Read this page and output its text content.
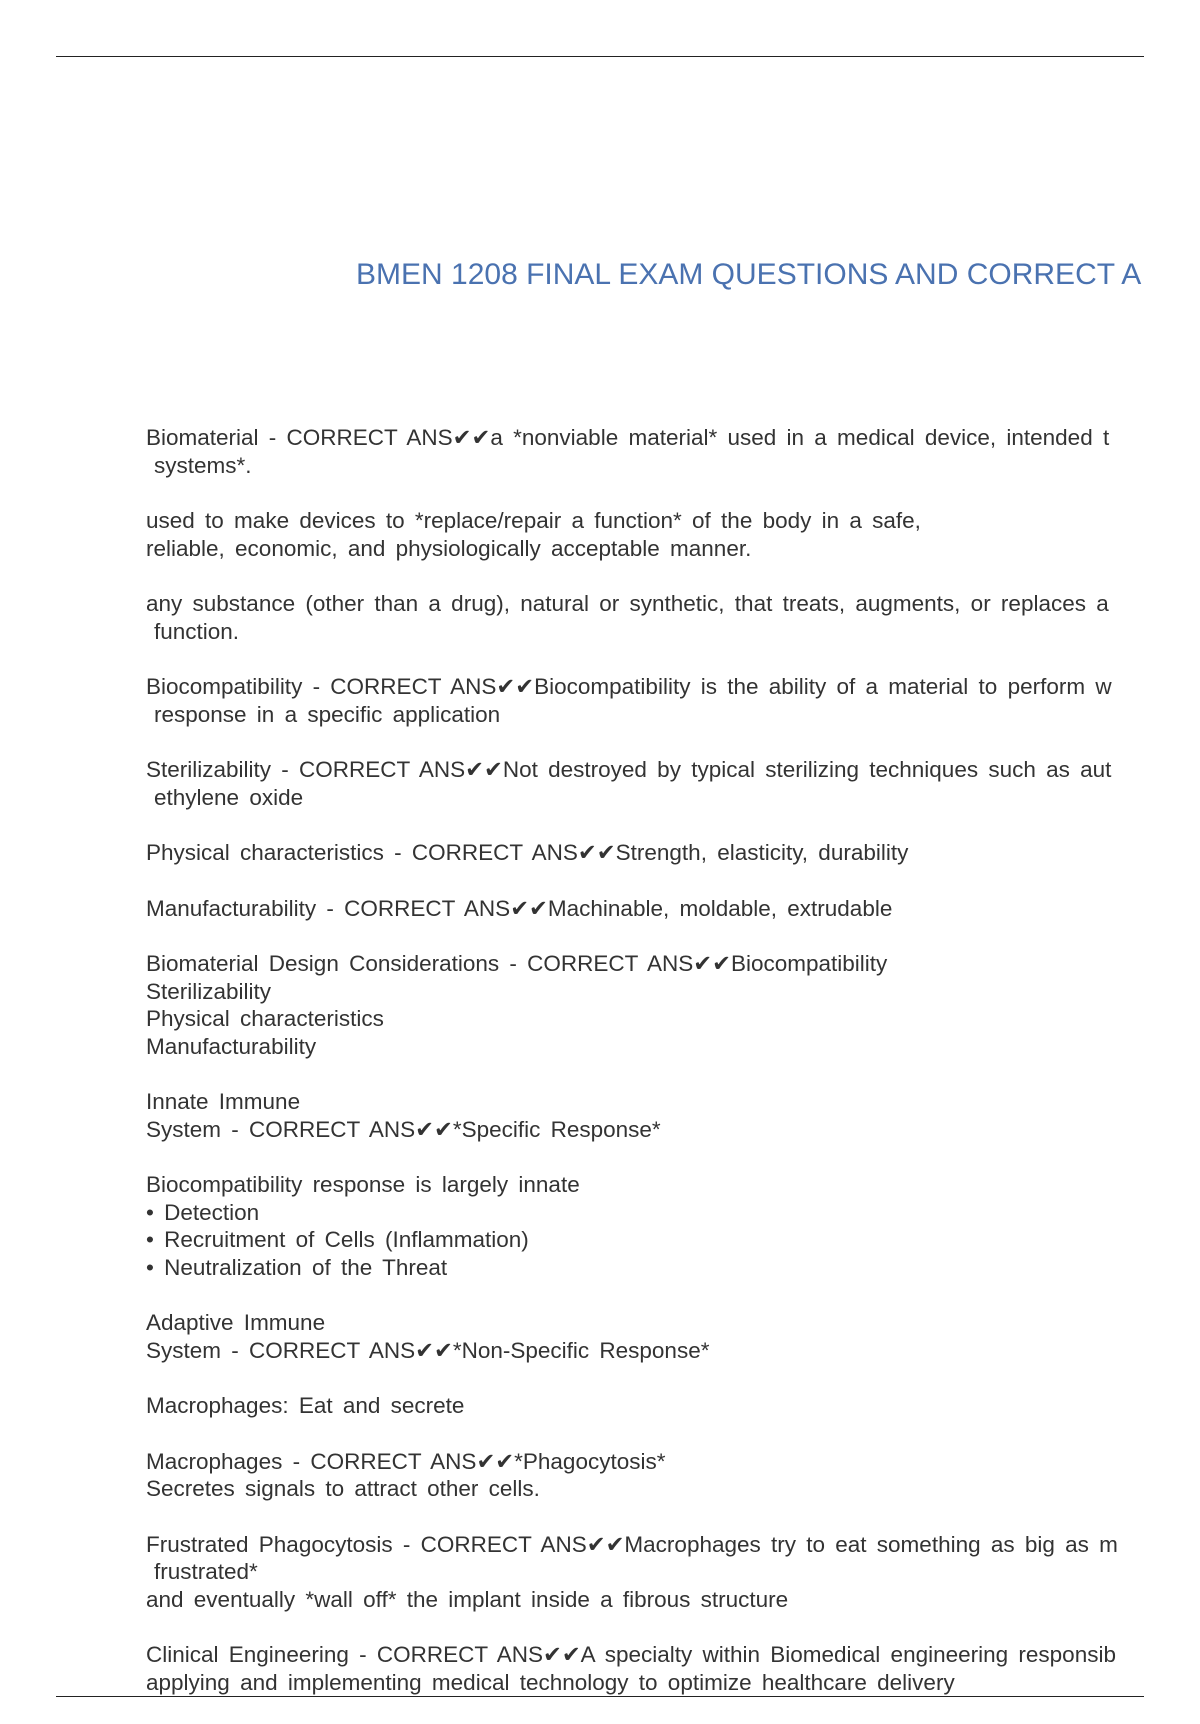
BMEN 1208 FINAL EXAM QUESTIONS AND CORRECT A
Biomaterial - CORRECT ANS✔✔a *nonviable material* used in a medical device, intended t
systems*.
used to make devices to *replace/repair a function* of the body in a safe,
reliable, economic, and physiologically acceptable manner.
any substance (other than a drug), natural or synthetic, that treats, augments, or replaces a
function.
Biocompatibility - CORRECT ANS✔✔Biocompatibility is the ability of a material to perform w
response in a specific application
Sterilizability - CORRECT ANS✔✔Not destroyed by typical sterilizing techniques such as aut
ethylene oxide
Physical characteristics - CORRECT ANS✔✔Strength, elasticity, durability
Manufacturability - CORRECT ANS✔✔Machinable, moldable, extrudable
Biomaterial Design Considerations - CORRECT ANS✔✔Biocompatibility
Sterilizability
Physical characteristics
Manufacturability
Innate Immune
System - CORRECT ANS✔✔*Specific Response*
Biocompatibility response is largely innate
• Detection
• Recruitment of Cells (Inflammation)
• Neutralization of the Threat
Adaptive Immune
System - CORRECT ANS✔✔*Non-Specific Response*
Macrophages: Eat and secrete
Macrophages - CORRECT ANS✔✔*Phagocytosis*
Secretes signals to attract other cells.
Frustrated Phagocytosis - CORRECT ANS✔✔Macrophages try to eat something as big as m
frustrated*
and eventually *wall off* the implant inside a fibrous structure
Clinical Engineering - CORRECT ANS✔✔A specialty within Biomedical engineering responsib
applying and implementing medical technology to optimize healthcare delivery
